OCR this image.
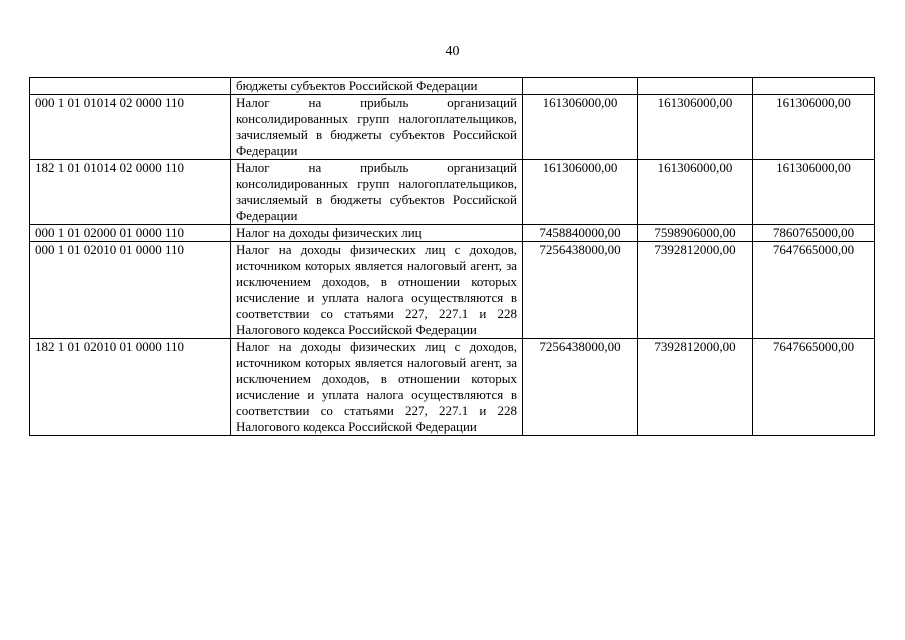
40
	бюджеты субъектов Российской Федерации			
000 1 01 01014 02 0000 110	Налог на прибыль организаций консолидированных групп налогоплательщиков, зачисляемый в бюджеты субъектов Российской Федерации	161306000,00	161306000,00	161306000,00
182 1 01 01014 02 0000 110	Налог на прибыль организаций консолидированных групп налогоплательщиков, зачисляемый в бюджеты субъектов Российской Федерации	161306000,00	161306000,00	161306000,00
000 1 01 02000 01 0000 110	Налог на доходы физических лиц	7458840000,00	7598906000,00	7860765000,00
000 1 01 02010 01 0000 110	Налог на доходы физических лиц с доходов, источником которых является налоговый агент, за исключением доходов, в отношении которых исчисление и уплата налога осуществляются в соответствии со статьями 227, 227.1 и 228 Налогового кодекса Российской Федерации	7256438000,00	7392812000,00	7647665000,00
182 1 01 02010 01 0000 110	Налог на доходы физических лиц с доходов, источником которых является налоговый агент, за исключением доходов, в отношении которых исчисление и уплата налога осуществляются в соответствии со статьями 227, 227.1 и 228 Налогового кодекса Российской Федерации	7256438000,00	7392812000,00	7647665000,00
